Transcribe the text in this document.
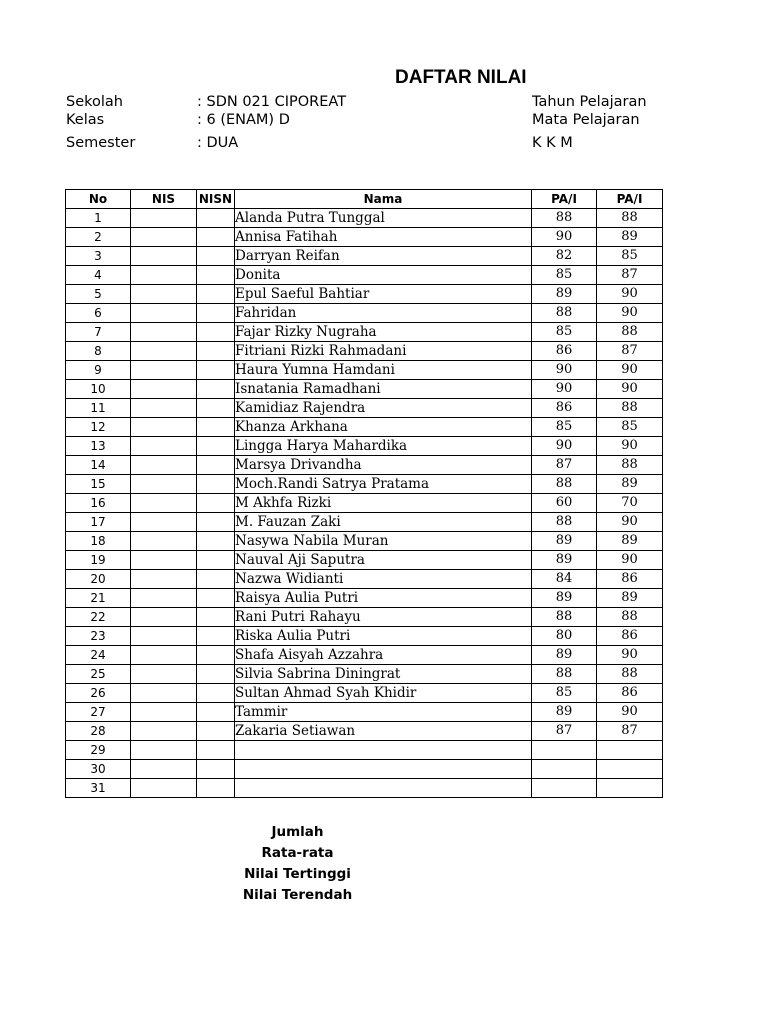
DAFTAR NILAI
Sekolah	: SDN 021 CIPOREAT	Tahun Pelajaran
Kelas	: 6 (ENAM) D	Mata Pelajaran
Semester	: DUA	K K M
No	NIS	NISN	Nama	PA/I	PA/I
1			Alanda Putra Tunggal	88	88
2			Annisa Fatihah	90	89
3			Darryan Reifan	82	85
4			Donita	85	87
5			Epul Saeful Bahtiar	89	90
6			Fahridan	88	90
7			Fajar Rizky Nugraha	85	88
8			Fitriani Rizki Rahmadani	86	87
9			Haura Yumna Hamdani	90	90
10			Isnatania Ramadhani	90	90
11			Kamidiaz Rajendra	86	88
12			Khanza Arkhana	85	85
13			Lingga Harya Mahardika	90	90
14			Marsya Drivandha	87	88
15			Moch.Randi Satrya Pratama	88	89
16			M Akhfa Rizki	60	70
17			M. Fauzan Zaki	88	90
18			Nasywa Nabila Muran	89	89
19			Nauval Aji Saputra	89	90
20			Nazwa Widianti	84	86
21			Raisya Aulia Putri	89	89
22			Rani Putri Rahayu	88	88
23			Riska Aulia Putri	80	86
24			Shafa Aisyah Azzahra	89	90
25			Silvia Sabrina Diningrat	88	88
26			Sultan Ahmad Syah Khidir	85	86
27			Tammir	89	90
28			Zakaria Setiawan	87	87
29					
30					
31					
Jumlah
Rata-rata
Nilai Tertinggi
Nilai Terendah
